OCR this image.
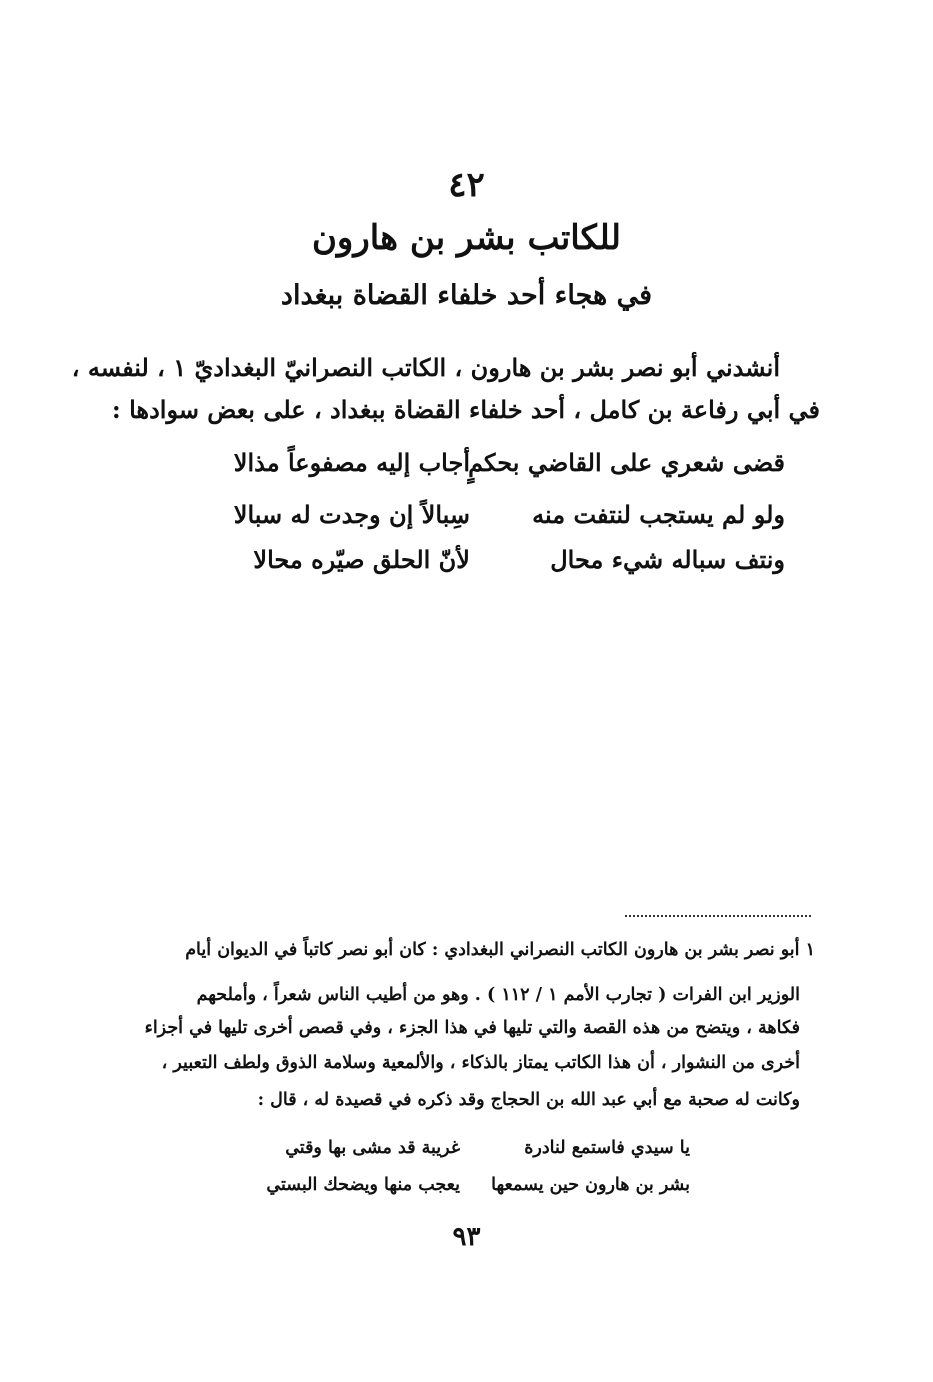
٤٢
للكاتب بشر بن هارون
في هجاء أحد خلفاء القضاة ببغداد
أنشدني أبو نصر بشر بن هارون ، الكاتب النصرانيّ البغداديّ ١ ، لنفسه ،
في أبي رفاعة بن كامل ، أحد خلفاء القضاة ببغداد ، على بعض سوادها :
قضى شعري على القاضي بحكمٍ
أجاب إليه مصفوعاً مذالا
ولو لم يستجب لنتفت منه
سِبالاً إن وجدت له سبالا
ونتف سباله شيء محال
لأنّ الحلق صيّره محالا
١ أبو نصر بشر بن هارون الكاتب النصراني البغدادي : كان أبو نصر كاتباً في الديوان أيام
الوزير ابن الفرات ( تجارب الأمم ١ / ١١٢ ) . وهو من أطيب الناس شعراً ، وأملحهم
فكاهة ، ويتضح من هذه القصة والتي تليها في هذا الجزء ، وفي قصص أخرى تليها في أجزاء
أخرى من النشوار ، أن هذا الكاتب يمتاز بالذكاء ، والألمعية وسلامة الذوق ولطف التعبير ،
وكانت له صحبة مع أبي عبد الله بن الحجاج وقد ذكره في قصيدة له ، قال :
يا سيدي فاستمع لنادرة
غريبة قد مشى بها وقتي
بشر بن هارون حين يسمعها
يعجب منها ويضحك البستي
٩٣
